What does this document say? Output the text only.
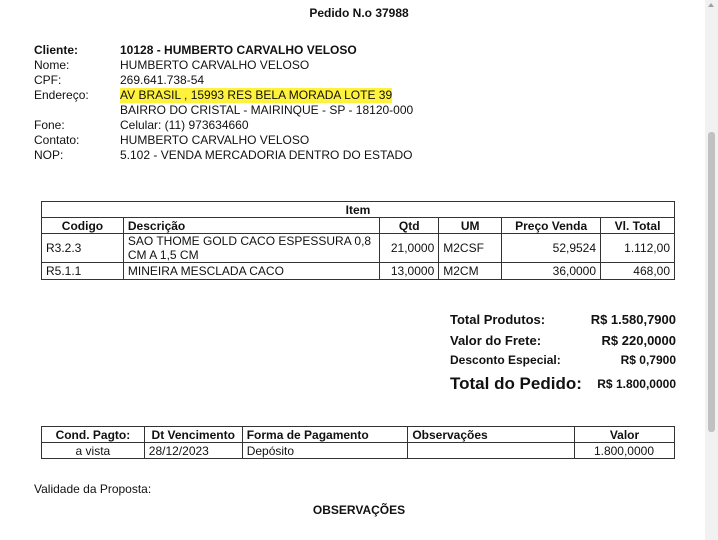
Pedido N.o 37988
Cliente:	10128 - HUMBERTO CARVALHO VELOSO
Nome:	HUMBERTO CARVALHO VELOSO
CPF:	269.641.738-54
Endereço:	AV BRASIL , 15993 RES BELA MORADA LOTE 39
BAIRRO DO CRISTAL - MAIRINQUE - SP - 18120-000
Fone:	Celular: (11) 973634660
Contato:	HUMBERTO CARVALHO VELOSO
NOP:	5.102 - VENDA MERCADORIA DENTRO DO ESTADO
Item					
Codigo	Descrição	Qtd	UM	Preço Venda	Vl. Total
R3.2.3	SAO THOME GOLD CACO ESPESSURA 0,8 CM A 1,5 CM	21,0000	M2CSF	52,9524	1.112,00
R5.1.1	MINEIRA MESCLADA CACO	13,0000	M2CM	36,0000	468,00
Total Produtos:	R$ 1.580,7900
Valor do Frete:	R$ 220,0000
Desconto Especial:	R$ 0,7900
Total do Pedido: R$ 1.800,0000
Cond. Pagto:	Dt Vencimento	Forma de Pagamento	Observações	Valor
a vista	28/12/2023	Depósito		1.800,0000
Validade da Proposta:
OBSERVAÇÕES
